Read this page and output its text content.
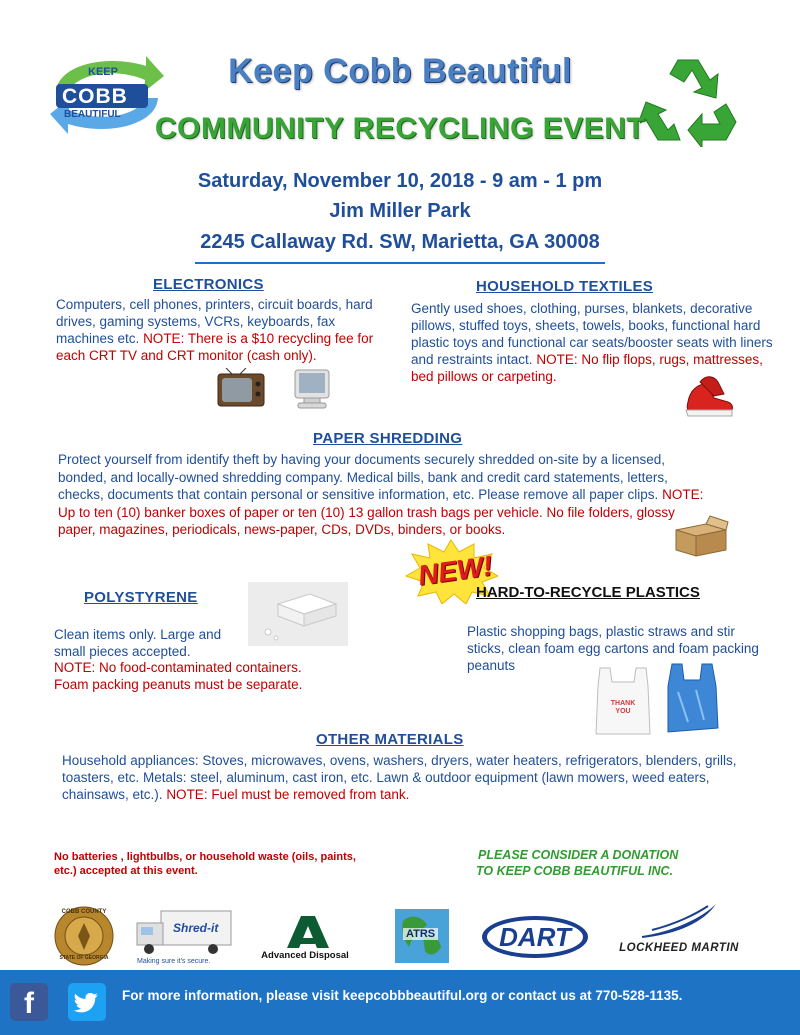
KEEP
COBB
BEAUTIFUL
Keep Cobb Beautiful
COMMUNITY RECYCLING EVENT
Saturday, November 10, 2018 - 9 am - 1 pm
Jim Miller Park
2245 Callaway Rd. SW, Marietta, GA 30008
ELECTRONICS
Computers, cell phones, printers, circuit boards, hard drives, gaming systems, VCRs, keyboards, fax machines etc. NOTE: There is a $10 recycling fee for each CRT TV and CRT monitor (cash only).
HOUSEHOLD TEXTILES
Gently used shoes, clothing, purses, blankets, decorative pillows, stuffed toys, sheets, towels, books, functional hard plastic toys and functional car seats/booster seats with liners and restraints intact. NOTE: No flip flops, rugs, mattresses, bed pillows or carpeting.
PAPER SHREDDING
Protect yourself from identify theft by having your documents securely shredded on-site by a licensed, bonded, and locally-owned shredding company. Medical bills, bank and credit card statements, letters, checks, documents that contain personal or sensitive information, etc. Please remove all paper clips. NOTE: Up to ten (10) banker boxes of paper or ten (10) 13 gallon trash bags per vehicle. No file folders, glossy paper, magazines, periodicals, news-paper, CDs, DVDs, binders, or books.
POLYSTYRENE
Clean items only. Large and small pieces accepted.
NOTE: No food-contaminated containers. Foam packing peanuts must be separate.
NEW!
HARD-TO-RECYCLE PLASTICS
Plastic shopping bags, plastic straws and stir sticks, clean foam egg cartons and foam packing peanuts
THANK YOU
OTHER MATERIALS
Household appliances: Stoves, microwaves, ovens, washers, dryers, water heaters, refrigerators, blenders, grills, toasters, etc. Metals: steel, aluminum, cast iron, etc. Lawn & outdoor equipment (lawn mowers, weed eaters, chainsaws, etc.). NOTE: Fuel must be removed from tank.
No batteries , lightbulbs, or household waste (oils, paints, etc.) accepted at this event.
PLEASE CONSIDER A DONATION
TO KEEP COBB BEAUTIFUL INC.
COBB COUNTY
STATE OF GEORGIA
Shred-it
Making sure it's secure.
Advanced Disposal
ATRS	DART	LOCKHEED MARTIN
f	For more information, please visit keepcobbbeautiful.org or contact us at 770-528-1135.
